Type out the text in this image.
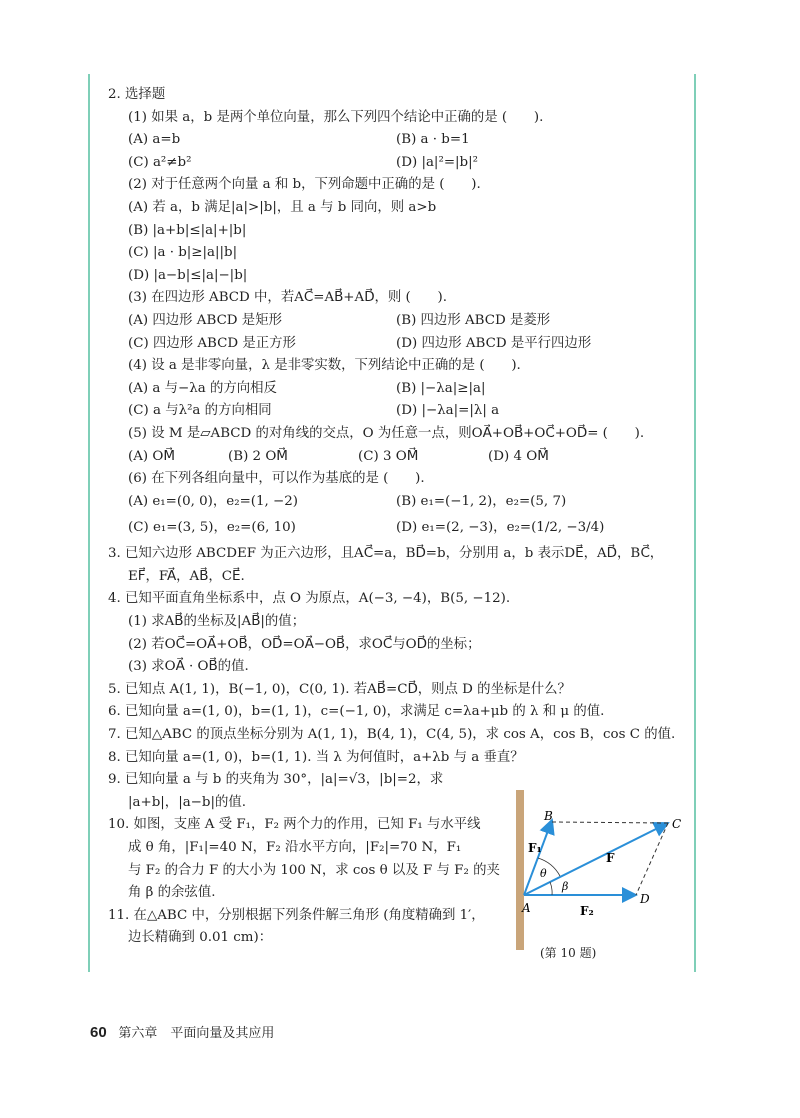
2. 选择题
(1) 如果 a，b 是两个单位向量，那么下列四个结论中正确的是 (　　).
(A) a=b	(B) a · b=1
(C) a²≠b²	(D) |a|²=|b|²
(2) 对于任意两个向量 a 和 b，下列命题中正确的是 (　　).
(A) 若 a，b 满足|a|>|b|，且 a 与 b 同向，则 a>b
(B) |a+b|≤|a|+|b|
(C) |a · b|≥|a||b|
(D) |a−b|≤|a|−|b|
(3) 在四边形 ABCD 中，若AC⃗=AB⃗+AD⃗，则 (　　).
(A) 四边形 ABCD 是矩形	(B) 四边形 ABCD 是菱形
(C) 四边形 ABCD 是正方形	(D) 四边形 ABCD 是平行四边形
(4) 设 a 是非零向量，λ 是非零实数，下列结论中正确的是 (　　).
(A) a 与−λa 的方向相反	(B) |−λa|≥|a|
(C) a 与λ²a 的方向相同	(D) |−λa|=|λ| a
(5) 设 M 是▱ABCD 的对角线的交点，O 为任意一点，则OA⃗+OB⃗+OC⃗+OD⃗= (　　).
(A) OM⃗	(B) 2 OM⃗	(C) 3 OM⃗	(D) 4 OM⃗
(6) 在下列各组向量中，可以作为基底的是 (　　).
(A) e₁=(0, 0)，e₂=(1, −2)	(B) e₁=(−1, 2)，e₂=(5, 7)
(C) e₁=(3, 5)，e₂=(6, 10)	(D) e₁=(2, −3)，e₂=(1/2, −3/4)
3. 已知六边形 ABCDEF 为正六边形，且AC⃗=a，BD⃗=b，分别用 a，b 表示DE⃗，AD⃗，BC⃗，
EF⃗，FA⃗，AB⃗，CE⃗.
4. 已知平面直角坐标系中，点 O 为原点，A(−3, −4)，B(5, −12).
(1) 求AB⃗的坐标及|AB⃗|的值；
(2) 若OC⃗=OA⃗+OB⃗，OD⃗=OA⃗−OB⃗，求OC⃗与OD⃗的坐标；
(3) 求OA⃗ · OB⃗的值.
5. 已知点 A(1, 1)，B(−1, 0)，C(0, 1). 若AB⃗=CD⃗，则点 D 的坐标是什么？
6. 已知向量 a=(1, 0)，b=(1, 1)，c=(−1, 0)，求满足 c=λa+μb 的 λ 和 μ 的值.
7. 已知△ABC 的顶点坐标分别为 A(1, 1)，B(4, 1)，C(4, 5)，求 cos A，cos B，cos C 的值.
8. 已知向量 a=(1, 0)，b=(1, 1). 当 λ 为何值时，a+λb 与 a 垂直？
9. 已知向量 a 与 b 的夹角为 30°，|a|=√3，|b|=2，求
|a+b|，|a−b|的值.
10. 如图，支座 A 受 F₁，F₂ 两个力的作用，已知 F₁ 与水平线
成 θ 角，|F₁|=40 N，F₂ 沿水平方向，|F₂|=70 N，F₁
与 F₂ 的合力 F 的大小为 100 N，求 cos θ 以及 F 与 F₂ 的夹
角 β 的余弦值.
11. 在△ABC 中，分别根据下列条件解三角形 (角度精确到 1′，
边长精确到 0.01 cm)：
B
C
D
A
F₁
F
F₂
θ
β
(第 10 题)
60 第六章　平面向量及其应用
